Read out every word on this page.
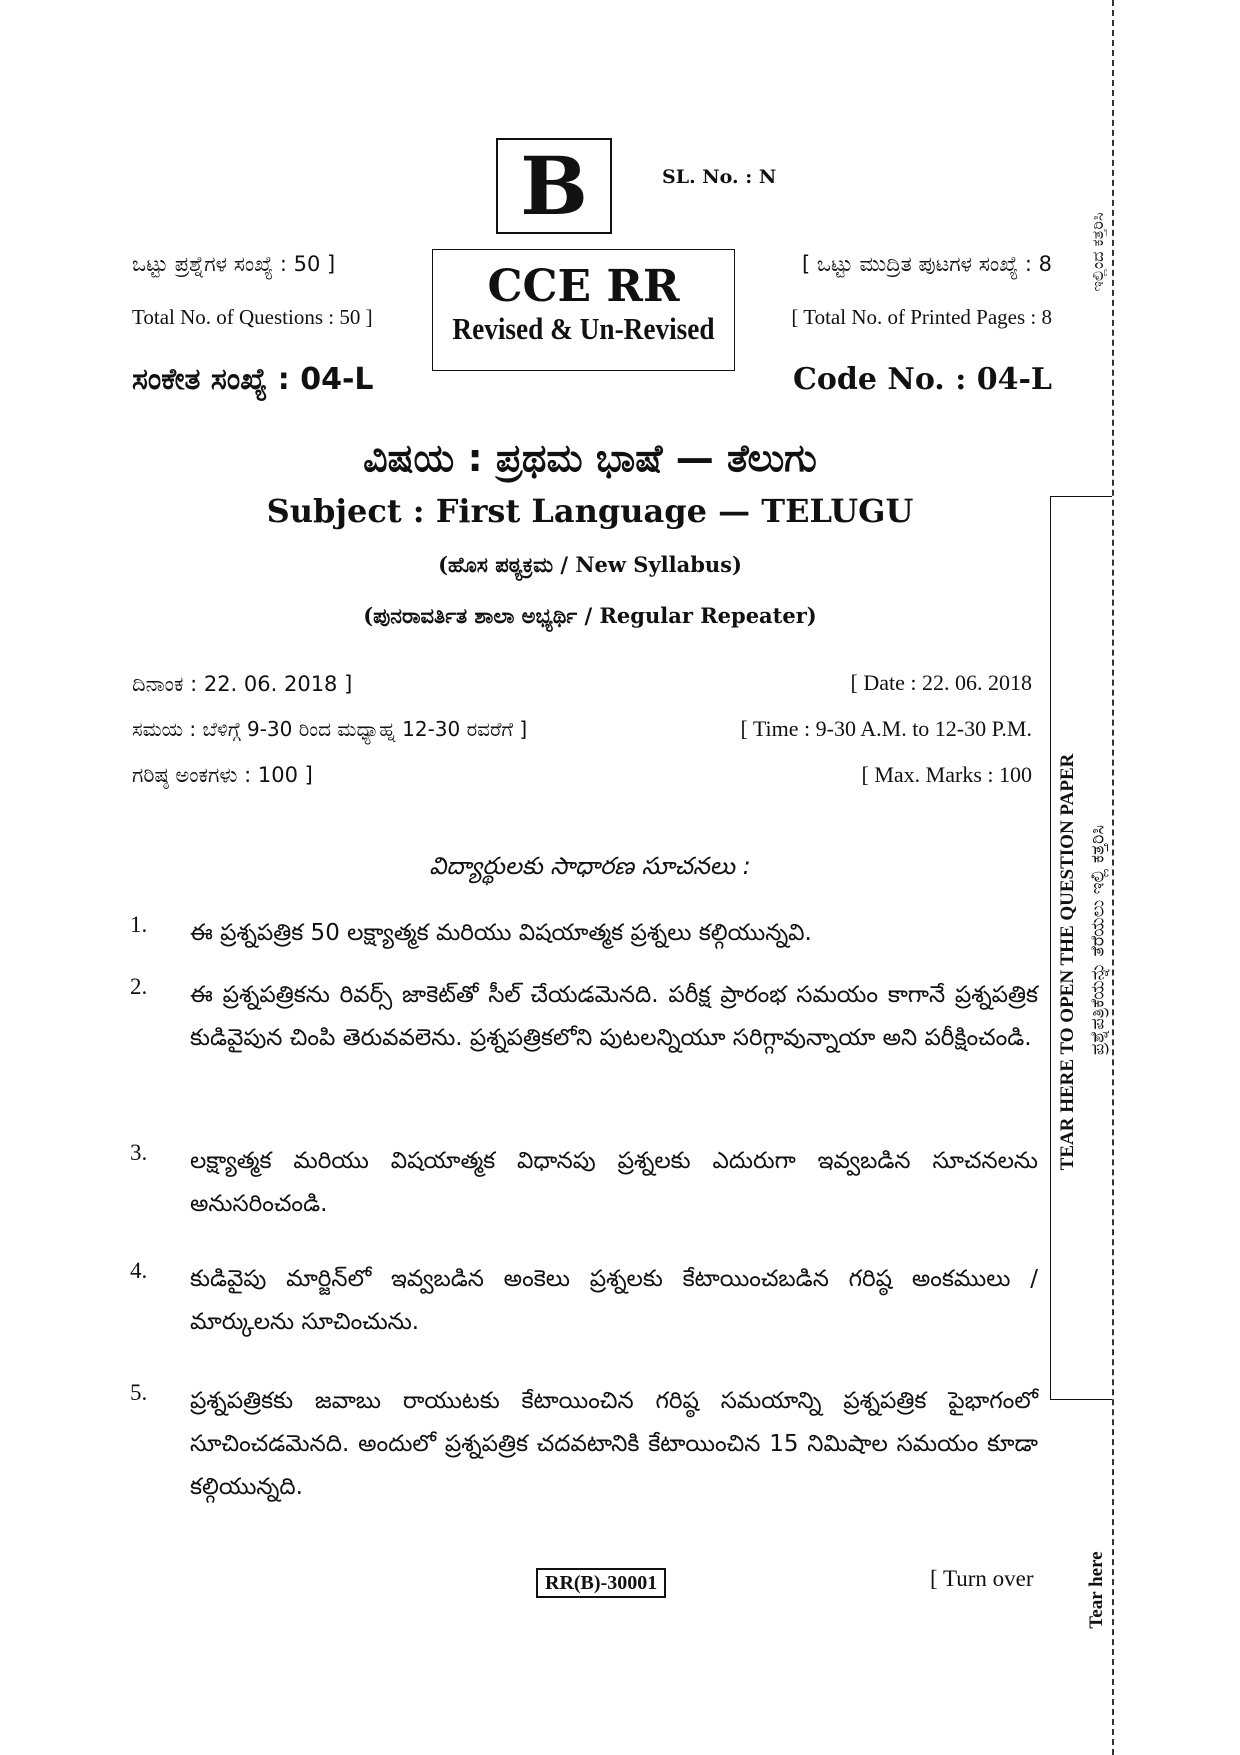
B	SL. No. : N
CCE RR
Revised & Un-Revised
ಒಟ್ಟು ಪ್ರಶ್ನೆಗಳ ಸಂಖ್ಯೆ : 50 ]
Total No. of Questions : 50 ]
[ ಒಟ್ಟು ಮುದ್ರಿತ ಪುಟಗಳ ಸಂಖ್ಯೆ : 8
[ Total No. of Printed Pages : 8
ಸಂಕೇತ ಸಂಖ್ಯೆ : 04-L	Code No. : 04-L
ವಿಷಯ : ಪ್ರಥಮ ಭಾಷೆ — ತೆಲುಗು
Subject : First Language — TELUGU
(ಹೊಸ ಪಠ್ಯಕ್ರಮ / New Syllabus)
(ಪುನರಾವರ್ತಿತ ಶಾಲಾ ಅಭ್ಯರ್ಥಿ / Regular Repeater)
ದಿನಾಂಕ : 22. 06. 2018 ]	[ Date : 22. 06. 2018
ಸಮಯ : ಬೆಳಿಗ್ಗೆ 9-30 ರಿಂದ ಮಧ್ಯಾಹ್ನ 12-30 ರವರೆಗೆ ]	[ Time : 9-30 A.M. to 12-30 P.M.
ಗರಿಷ್ಠ ಅಂಕಗಳು : 100 ]	[ Max. Marks : 100
విద్యార్థులకు సాధారణ సూచనలు :
1. ఈ ప్రశ్నపత్రిక 50 లక్ష్యాత్మక మరియు విషయాత్మక ప్రశ్నలు కల్గియున్నవి.
2. ఈ ప్రశ్నపత్రికను రివర్స్ జాకెట్‌తో సీల్ చేయడమెనది. పరీక్ష ప్రారంభ సమయం కాగానే ప్రశ్నపత్రిక కుడివైపున చింపి తెరువవలెను. ప్రశ్నపత్రికలోని పుటలన్నియూ సరిగ్గావున్నాయా అని పరీక్షించండి.
3. లక్ష్యాత్మక మరియు విషయాత్మక విధానపు ప్రశ్నలకు ఎదురుగా ఇవ్వబడిన సూచనలను అనుసరించండి.
4. కుడివైపు మార్జిన్‌లో ఇవ్వబడిన అంకెలు ప్రశ్నలకు కేటాయించబడిన గరిష్ఠ అంకములు / మార్కులను సూచించును.
5. ప్రశ్నపత్రికకు జవాబు రాయుటకు కేటాయించిన గరిష్ఠ సమయాన్ని ప్రశ్నపత్రిక పైభాగంలో సూచించడమెనది. అందులో ప్రశ్నపత్రిక చదవటానికి కేటాయించిన 15 నిమిషాల సమయం కూడా కల్గియున్నది.
RR(B)-30001	[ Turn over
TEAR HERE TO OPEN THE QUESTION PAPER ಪ್ರಶ್ನೆಪತ್ರಿಕೆಯನ್ನು ತೆರೆಯಲು ಇಲ್ಲಿ ಕತ್ತರಿಸಿ
ಇಲ್ಲಿಂದ ಕತ್ತರಿಸಿ
Tear here
